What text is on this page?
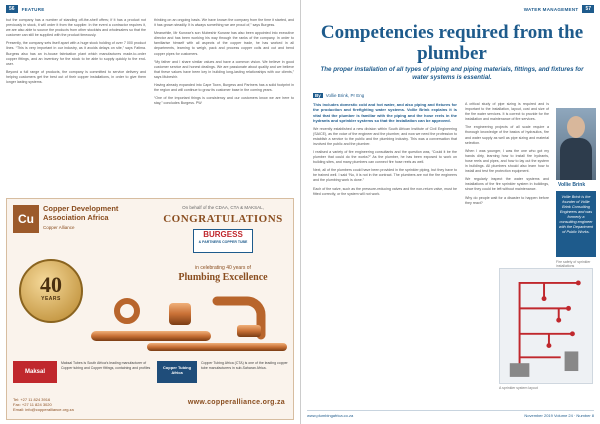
56	FEATURE

but the company has a number of standing off-the-shelf offers; if it has a product not previously in stock, it will order it from the supplier. In the event a contractor requires it, we are also able to source the products from other stockists and wholesalers so that the customer can still be supplied with the product timeously.

Presently, the company sets itself apart with a huge stock holding of over 7 000 product lines. “This is very important in our industry, as it avoids delays on site,” says Fatima. Burgess also has an in-house fabrication plant which manufactures made-to-order copper fittings, and an inventory for the stock to be able to supply quickly to the end-user.

Beyond a full range of products, the company is committed to service delivery and helping customers get the best out of their copper installations, in order to give them longer lasting systems.

thinking on an ongoing basis. We have known the company from the time it started, and it has grown steadily. It is always something we are proud of,” says Burgess.

Meanwhile, Mr Kunwar’s son Mubeshir Kunwar has also been appointed into executive director and has been working his way through the ranks of the company. In order to familiarise himself with all aspects of the copper trade, he has worked in all departments, learning to weigh, pack and process copper coils and cut and bend copper pipes for customers.

“My father and I share similar values and have a common vision. We believe in good customer service and honest dealings. We are passionate about quality and we believe that these values have been key in building long-lasting relationships with our clients,” says Mubeshir.

Having already expanded into Cape Town, Burgess and Partners has a solid footprint in the region and will continue to grow its customer base in the coming years.

“One of the important things is consistency and our customers know we are here to stay,” concludes Burgess. PW

Cu
Copper Development Association Africa
Copper Alliance
On behalf of the CDAA, CTA & MAKSAL,
CONGRATULATIONS
BURGESS
& PARTNERS COPPER TUBE
40
YEARS
in celebrating 40 years of
Plumbing Excellence
Maksal
Maksal Tubes is South Africa’s leading manufacturer of Copper tubing and Copper fittings, containing and profiles	Copper Tubing Africa
Copper Tubing Africa (CTA) is one of the leading copper tube manufacturers in sub-Saharan Africa.
Tel: +27 11 824 3916
Fax: +27 11 824 3020
Email: info@copperalliance.org.za
www.copperalliance.org.za
WATER MANAGEMENT	57
Competencies required from the plumber
The proper installation of all types of piping and piping materials, fittings, and fixtures for water systems is essential.
By	Vollie Brink, Pr Eng

This includes domestic cold and hot water, and also piping and fixtures for the production and firefighting water systems. Vollie Brink explains it is vital that the plumber is familiar with the piping and the hose reels in the hydrants and sprinkler systems so that the installation can be approved.

We recently established a new division within South African Institute of Civil Engineering (SAICE), as the voice of the engineer and the plumber, and now we need the profession to establish a service to the public and the plumbing industry. This was a conversation that involved the public and the plumber.

I realised a variety of fire engineering consultants and the question was, “Could it be the plumber that could do the works?” As the plumber, he has been exposed to work on building sites, and many plumbers can connect fire hose reels as well.

Next, all of the plumbers could have been provided in the sprinkler piping, but they have to be trained well. I said “No, it is not in the contract. The plumbers are not the fire engineers and the plumbing work is done.”

Each of the valve, such as the pressure-reducing valves and the non-return valve, must be fitted correctly, or the system will not work.

A critical study of pipe sizing is required and is important to the installation, layout, cost and size of the fire water services. It is correct to provide for the installation and maintenance of fire services.

The engineering projects of all scale require a thorough knowledge of the basics of hydraulics, fire and water supply as well as pipe sizing and material selection.

When I was younger, I was the one who got my hands dirty, learning how to install fire hydrants, hose reels and pipes, and how to lay out the system in buildings. All plumbers should also learn how to install and test fire protection equipment.

We regularly inspect the water systems and installations of the fire sprinkler system in buildings, since they could be left without maintenance.

Why do people wait for a disaster to happen before they react?

Vollie Brink
Vollie Brink is the founder of Vollie Brink Consulting Engineers and was formerly a consulting engineer with the Department of Public Works.
Fire safety of sprinkler installations
A sprinkler system layout
www.plumbingafrica.co.za	November 2019 Volume 24 · Number 8
